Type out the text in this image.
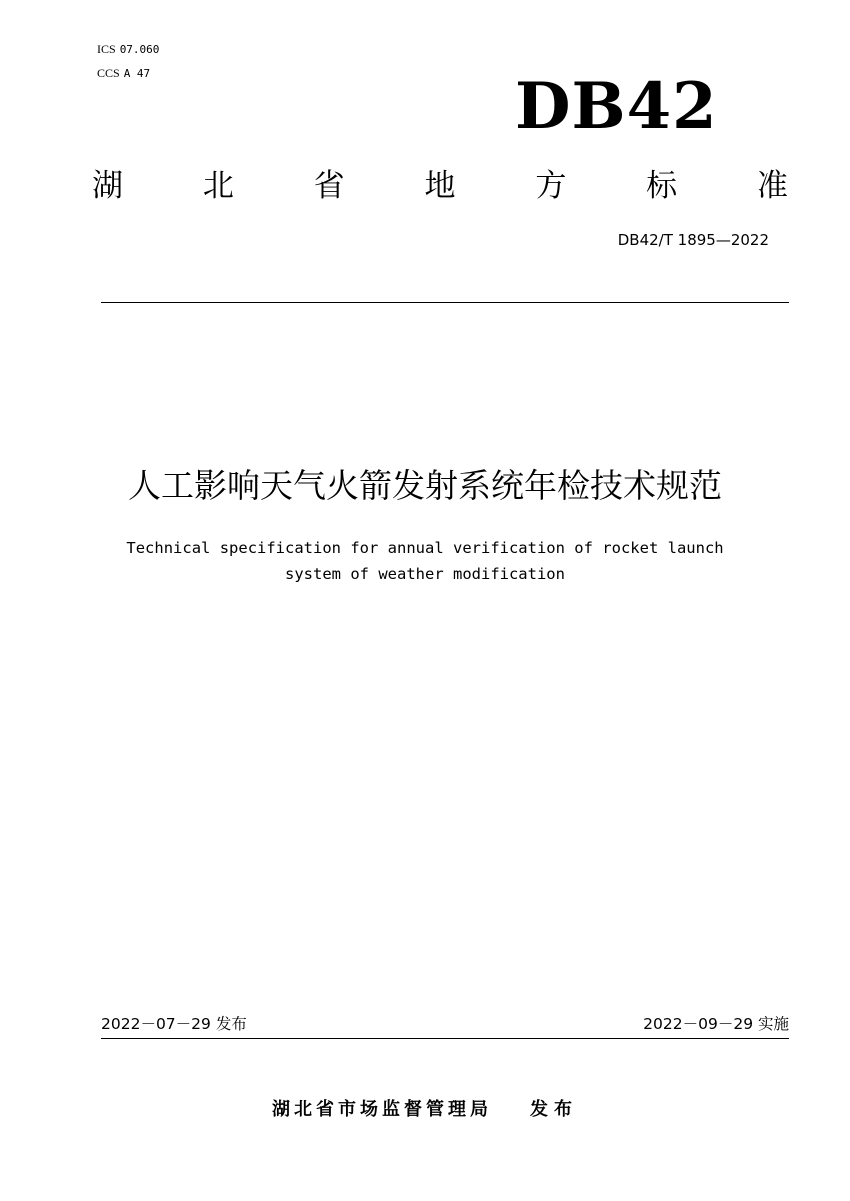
ICS 07.060
CCS A 47	DB42
湖	北	省	地	方	标	准
DB42/T 1895—2022
人工影响天气火箭发射系统年检技术规范
Technical specification for annual verification of rocket launch
system of weather modification
2022－07－29 发布	2022－09－29 实施
湖北省市场监督管理局 发布
